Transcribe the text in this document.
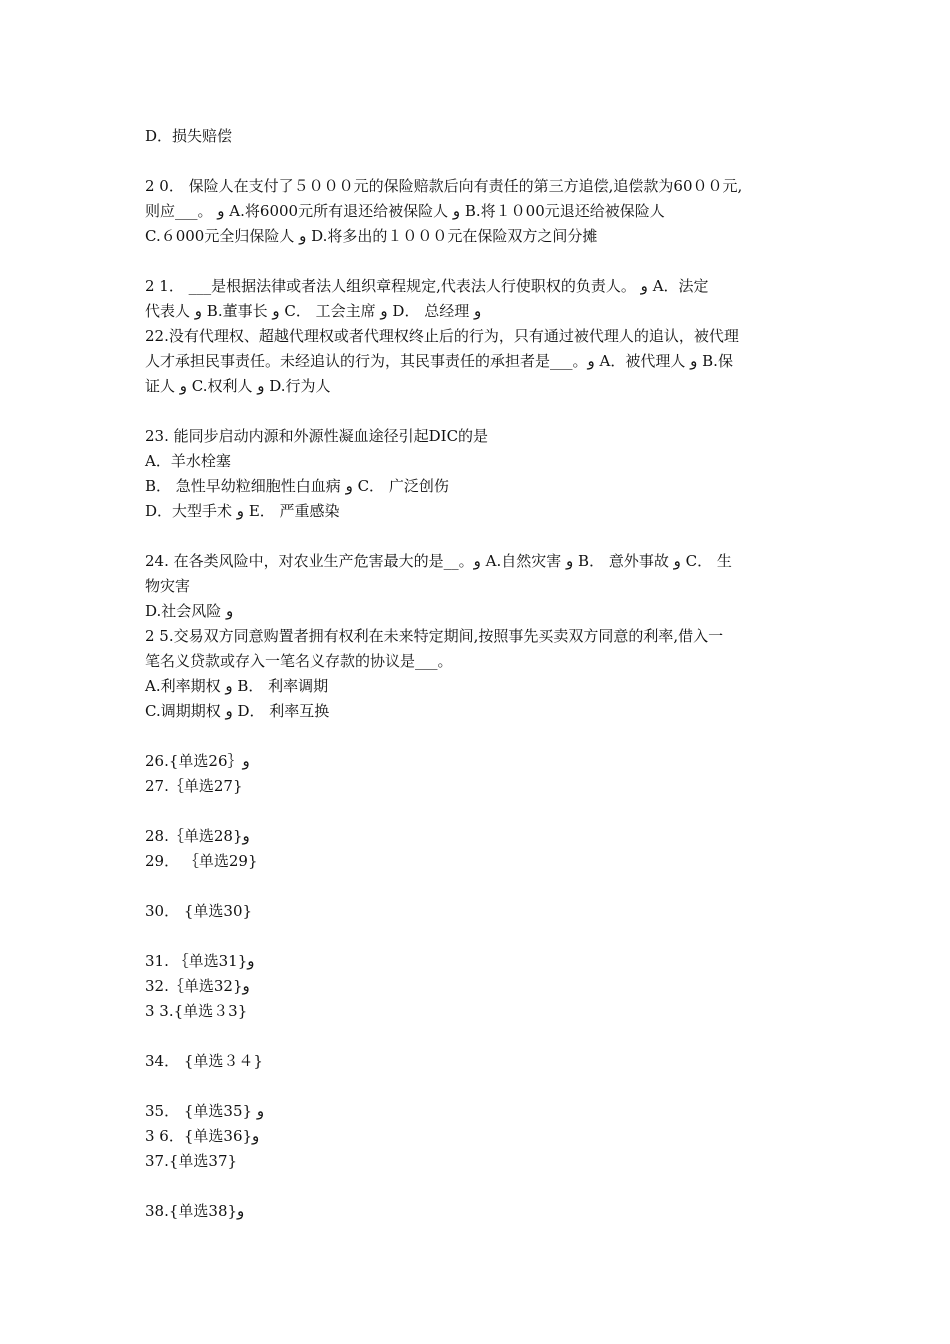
D．损失赔偿
2 0． 保险人在支付了５０００元的保险赔款后向有责任的第三方追偿,追偿款为60００元,
则应___。 و A.将6000元所有退还给被保险人 و B.将１０00元退还给被保险人
C.６000元全归保险人 و D.将多出的１０００元在保险双方之间分摊
2 1． ___是根据法律或者法人组织章程规定,代表法人行使职权的负责人。 و A．法定
代表人 و B.董事长 و C． 工会主席 و D． 总经理 و
22.没有代理权、超越代理权或者代理权终止后的行为，只有通过被代理人的追认，被代理
人才承担民事责任。未经追认的行为，其民事责任的承担者是___。و A．被代理人 و B.保
证人 و C.权利人 و D.行为人
23. 能同步启动内源和外源性凝血途径引起DIC的是
A．羊水栓塞
B． 急性早幼粒细胞性白血病 و C． 广泛创伤
D．大型手术 و E． 严重感染
24. 在各类风险中，对农业生产危害最大的是__。و A.自然灾害 و B． 意外事故 و C． 生
物灾害
D.社会风险 و
2 5.交易双方同意购置者拥有权利在未来特定期间,按照事先买卖双方同意的利率,借入一
笔名义贷款或存入一笔名义存款的协议是___。
A.利率期权 و B． 利率调期
C.调期期权 و D． 利率互换
26.{单选26｝و
27.｛单选27}
28.｛单选28}و
29． ｛单选29}
30． {单选30}
31. ｛单选31}و
32.｛单选32}و
3 3.{单选３3}
34． {单选３４}
35． {单选35} و
3 6．{单选36}و
37.{单选37}
38.{单选38}و
